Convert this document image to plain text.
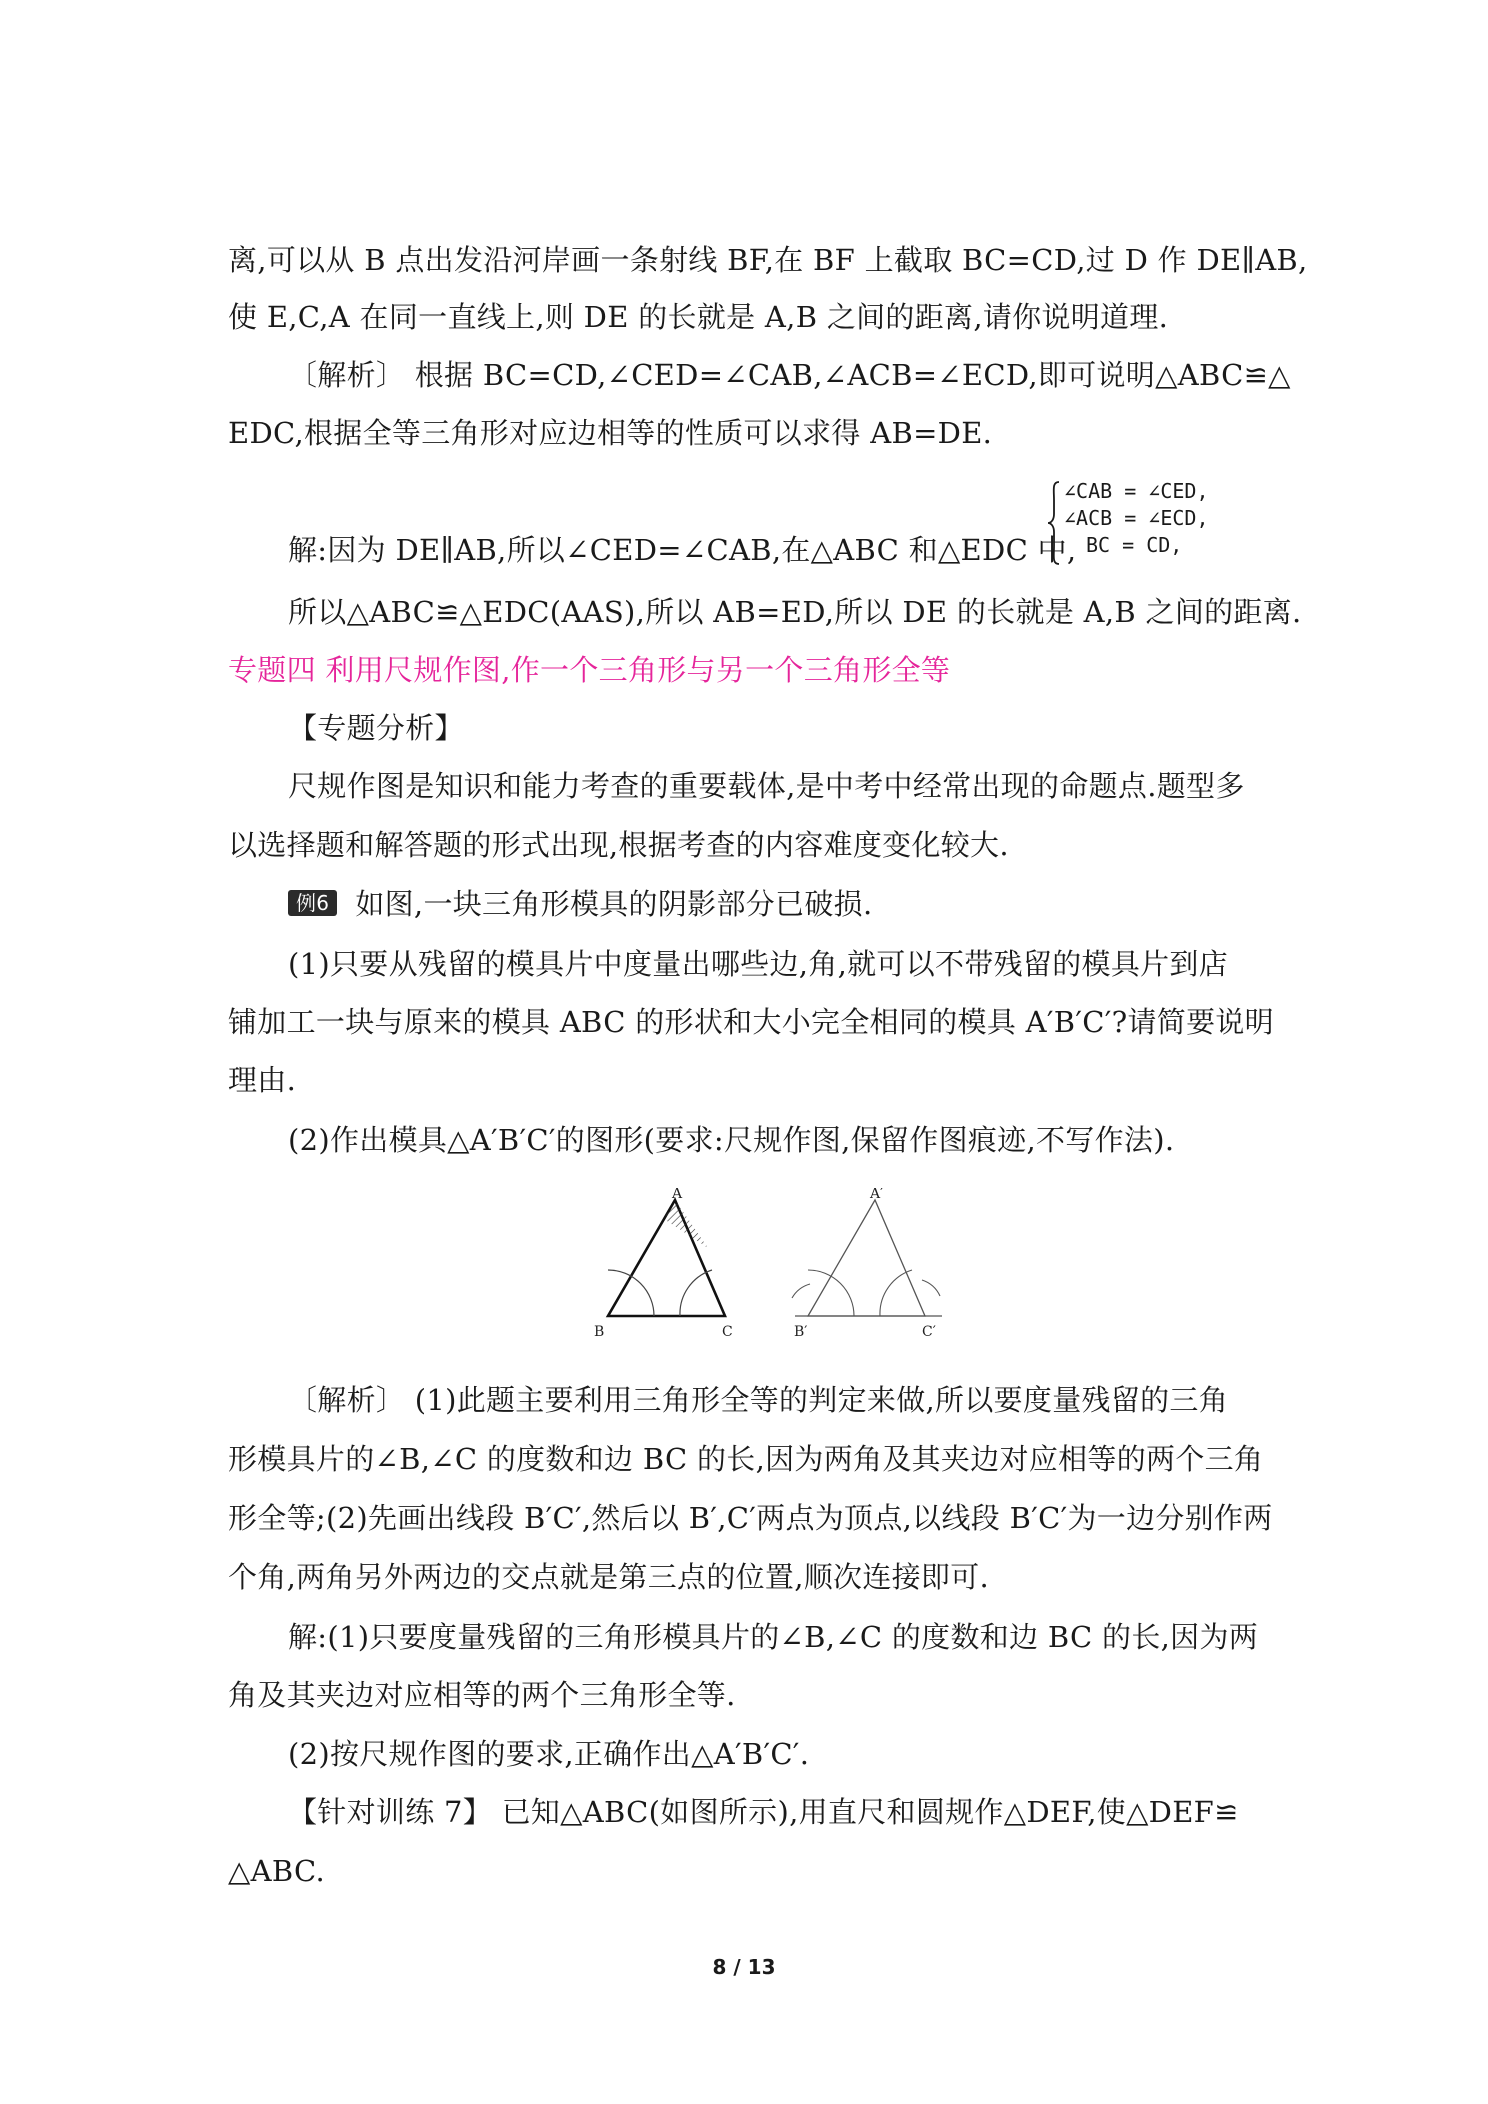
离,可以从 B 点出发沿河岸画一条射线 BF,在 BF 上截取 BC=CD,过 D 作 DE∥AB,
使 E,C,A 在同一直线上,则 DE 的长就是 A,B 之间的距离,请你说明道理.
〔解析〕 根据 BC=CD,∠CED=∠CAB,∠ACB=∠ECD,即可说明△ABC≌△
EDC,根据全等三角形对应边相等的性质可以求得 AB=DE.
解:因为 DE∥AB,所以∠CED=∠CAB,在△ABC 和△EDC 中,
∠CAB = ∠CED,
∠ACB = ∠ECD,
BC = CD,
所以△ABC≌△EDC(AAS),所以 AB=ED,所以 DE 的长就是 A,B 之间的距离.
专题四 利用尺规作图,作一个三角形与另一个三角形全等
【专题分析】
尺规作图是知识和能力考查的重要载体,是中考中经常出现的命题点.题型多
以选择题和解答题的形式出现,根据考查的内容难度变化较大.
例6 如图,一块三角形模具的阴影部分已破损.
(1)只要从残留的模具片中度量出哪些边,角,就可以不带残留的模具片到店
铺加工一块与原来的模具 ABC 的形状和大小完全相同的模具 A′B′C′?请简要说明
理由.
(2)作出模具△A′B′C′的图形(要求:尺规作图,保留作图痕迹,不写作法).
A
B	C
A′
B′	C′
〔解析〕 (1)此题主要利用三角形全等的判定来做,所以要度量残留的三角
形模具片的∠B,∠C 的度数和边 BC 的长,因为两角及其夹边对应相等的两个三角
形全等;(2)先画出线段 B′C′,然后以 B′,C′两点为顶点,以线段 B′C′为一边分别作两
个角,两角另外两边的交点就是第三点的位置,顺次连接即可.
解:(1)只要度量残留的三角形模具片的∠B,∠C 的度数和边 BC 的长,因为两
角及其夹边对应相等的两个三角形全等.
(2)按尺规作图的要求,正确作出△A′B′C′.
【针对训练 7】 已知△ABC(如图所示),用直尺和圆规作△DEF,使△DEF≌
△ABC.
8 / 13
